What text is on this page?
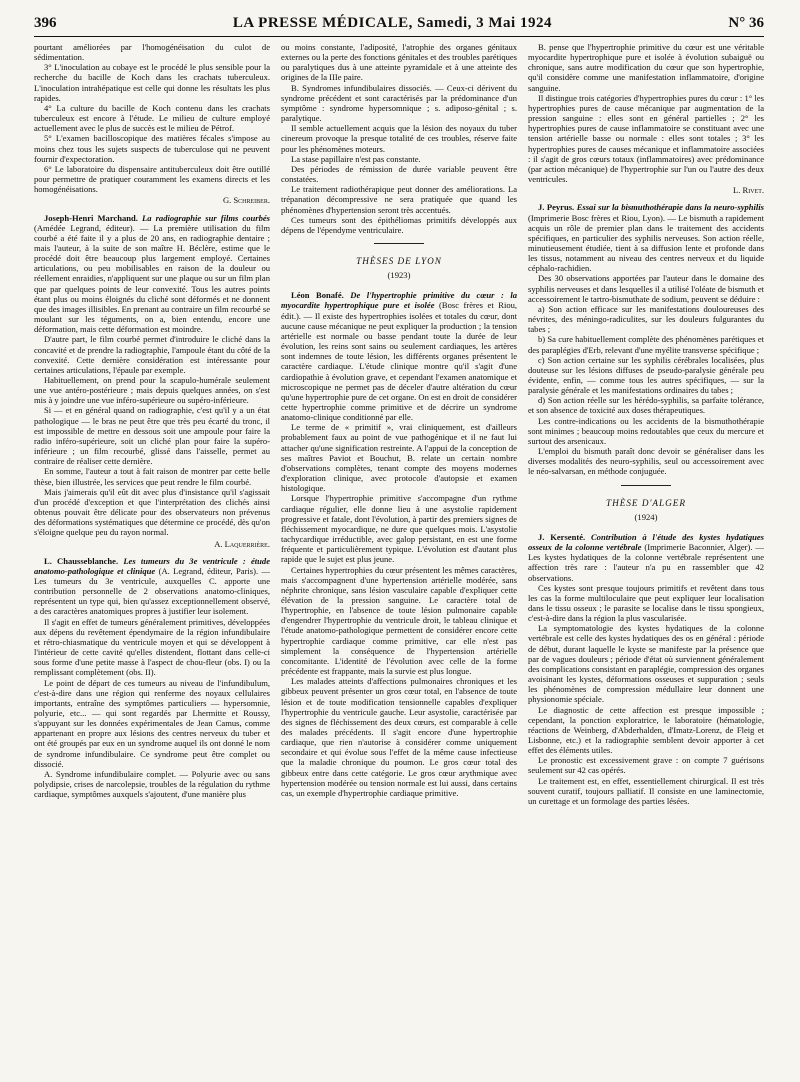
396	LA PRESSE MÉDICALE, Samedi, 3 Mai 1924	N° 36

pourtant améliorées par l'homogénéisation du culot de sédimentation.

3° L'inoculation au cobaye est le procédé le plus sensible pour la recherche du bacille de Koch dans les crachats tuberculeux. L'inoculation intrahépatique est celle qui donne les résultats les plus rapides.

4° La culture du bacille de Koch contenu dans les crachats tuberculeux est encore à l'étude. Le milieu de culture employé actuellement avec le plus de succès est le milieu de Pétrof.

5° L'examen bacilloscopique des matières fécales s'impose au moins chez tous les sujets suspects de tuberculose qui ne peuvent fournir d'expectoration.

6° Le laboratoire du dispensaire antituberculeux doit être outillé pour permettre de pratiquer couramment les examens directs et les homogénéisations.

G. Schreiber.

Joseph-Henri Marchand. La radiographie sur films courbés (Amédée Legrand, éditeur). — La première utilisation du film courbé a été faite il y a plus de 20 ans, en radiographie dentaire ; mais l'auteur, à la suite de son maître H. Béclère, estime que le procédé doit être beaucoup plus largement employé. Certaines articulations, ou peu mobilisables en raison de la douleur ou réellement enraidies, n'appliquent sur une plaque ou sur un film plan que par quelques points de leur convexité. Tous les autres points étant plus ou moins éloignés du cliché sont déformés et ne donnent que des images illisibles. En prenant au contraire un film recourbé se moulant sur les téguments, on a, bien entendu, encore une déformation, mais cette déformation est moindre.

D'autre part, le film courbé permet d'introduire le cliché dans la concavité et de prendre la radiographie, l'ampoule étant du côté de la convexité. Cette dernière considération est intéressante pour certaines articulations, l'épaule par exemple.

Habituellement, on prend pour la scapulo-humérale seulement une vue antéro-postérieure ; mais depuis quelques années, on s'est mis à y joindre une vue inféro-supérieure ou supéro-inférieure.

Si — et en général quand on radiographie, c'est qu'il y a un état pathologique — le bras ne peut être que très peu écarté du tronc, il est impossible de mettre en dessous soit une ampoule pour faire la radio inféro-supérieure, soit un cliché plan pour faire la supéro-inférieure ; un film recourbé, glissé dans l'aisselle, permet au contraire de réaliser cette dernière.

En somme, l'auteur a tout à fait raison de montrer par cette belle thèse, bien illustrée, les services que peut rendre le film courbé.

Mais j'aimerais qu'il eût dit avec plus d'insistance qu'il s'agissait d'un procédé d'exception et que l'interprétation des clichés ainsi obtenus pouvait être délicate pour des observateurs non prévenus des déformations systématiques que détermine ce procédé, dès qu'on s'éloigne quelque peu du rayon normal.

A. Laquerrière.

L. Chausseblanche. Les tumeurs du 3e ventricule : étude anatomo-pathologique et clinique (A. Legrand, éditeur, Paris). — Les tumeurs du 3e ventricule, auxquelles C. apporte une contribution personnelle de 2 observations anatomo-cliniques, représentent un type qui, bien qu'assez exceptionnellement observé, a des caractères anatomiques propres à justifier leur isolement.

Il s'agit en effet de tumeurs généralement primitives, développées aux dépens du revêtement épendymaire de la région infundibulaire et rétro-chiasmatique du ventricule moyen et qui se développent à l'intérieur de cette cavité qu'elles distendent, flottant dans celle-ci sous forme d'une petite masse à l'aspect de chou-fleur (obs. I) ou la remplissant complètement (obs. II).

Le point de départ de ces tumeurs au niveau de l'infundibulum, c'est-à-dire dans une région qui renferme des noyaux cellulaires importants, entraîne des symptômes particuliers — hypersomnie, polyurie, etc... — qui sont regardés par Lhermitte et Roussy, s'appuyant sur les données expérimentales de Jean Camus, comme appartenant en propre aux lésions des centres nerveux du tuber et ont été groupés par eux en un syndrome auquel ils ont donné le nom de syndrome infundibulaire. Ce syndrome peut être complet ou dissocié.

A. Syndrome infundibulaire complet. — Polyurie avec ou sans polydipsie, crises de narcolepsie, troubles de la régulation du rythme cardiaque, symptômes auxquels s'ajoutent, d'une manière plus

ou moins constante, l'adiposité, l'atrophie des organes génitaux externes ou la perte des fonctions génitales et des troubles parétiques ou paralytiques dus à une atteinte pyramidale et à une atteinte des origines de la IIIe paire.

B. Syndromes infundibulaires dissociés. — Ceux-ci dérivent du syndrome précédent et sont caractérisés par la prédominance d'un symptôme : syndrome hypersomnique ; s. adiposo-génital ; s. paralytique.

Il semble actuellement acquis que la lésion des noyaux du tuber cinereum provoque la presque totalité de ces troubles, réserve faite pour les phénomènes moteurs.

La stase papillaire n'est pas constante.

Des périodes de rémission de durée variable peuvent être constatées.

Le traitement radiothérapique peut donner des améliorations. La trépanation décompressive ne sera pratiquée que quand les phénomènes d'hypertension seront très accentués.

Ces tumeurs sont des épithéliomas primitifs développés aux dépens de l'épendyme ventriculaire.

THÈSES DE LYON
(1923)

Léon Bonafé. De l'hypertrophie primitive du cœur : la myocardite hypertrophique pure et isolée (Bosc frères et Riou, édit.). — Il existe des hypertrophies isolées et totales du cœur, dont aucune cause mécanique ne peut expliquer la production ; la tension artérielle est normale ou basse pendant toute la durée de leur évolution, les reins sont sains ou seulement cardiaques, les artères sont indemnes de toute lésion, les différents organes présentent le caractère cardiaque. L'étude clinique montre qu'il s'agit d'une cardiopathie à évolution grave, et cependant l'examen anatomique et microscopique ne permet pas de déceler d'autre altération du cœur qu'une hypertrophie pure de cet organe. On est en droit de considérer cette hypertrophie comme primitive et de décrire un syndrome anatomo-clinique conditionné par elle.

Le terme de « primitif », vrai cliniquement, est d'ailleurs probablement faux au point de vue pathogénique et il ne faut lui attacher qu'une signification restreinte. A l'appui de la conception de ses maîtres Paviot et Bouchut, B. relate un certain nombre d'observations complètes, tenant compte des moyens modernes d'exploration clinique, avec protocole d'autopsie et examen histologique.

Lorsque l'hypertrophie primitive s'accompagne d'un rythme cardiaque régulier, elle donne lieu à une asystolie rapidement progressive et fatale, dont l'évolution, à partir des premiers signes de fléchissement myocardique, ne dure que quelques mois. L'asystolie tachycardique irréductible, avec galop persistant, en est une forme fréquente et particulièrement typique. L'évolution est d'autant plus rapide que le sujet est plus jeune.

Certaines hypertrophies du cœur présentent les mêmes caractères, mais s'accompagnent d'une hypertension artérielle modérée, sans néphrite chronique, sans lésion vasculaire capable d'expliquer cette élévation de la pression sanguine. Le caractère total de l'hypertrophie, en l'absence de toute lésion pulmonaire capable d'engendrer l'hypertrophie du ventricule droit, le tableau clinique et l'étude anatomo-pathologique permettent de considérer encore cette hypertrophie cardiaque comme primitive, car elle n'est pas simplement la conséquence de l'hypertension artérielle concomitante. L'identité de l'évolution avec celle de la forme précédente est frappante, mais la survie est plus longue.

Les malades atteints d'affections pulmonaires chroniques et les gibbeux peuvent présenter un gros cœur total, en l'absence de toute lésion et de toute modification tensionnelle capables d'expliquer l'hypertrophie du ventricule gauche. Leur asystolie, caractérisée par des signes de fléchissement des deux cœurs, est comparable à celle des malades précédents. Il s'agit encore d'une hypertrophie cardiaque, que rien n'autorise à considérer comme uniquement secondaire et qui évolue sous l'effet de la même cause infectieuse que la maladie chronique du poumon. Le gros cœur total des gibbeux entre dans cette catégorie. Le gros cœur arythmique avec hypertension modérée ou tension normale est lui aussi, dans certains cas, un exemple d'hypertrophie cardiaque primitive.

B. pense que l'hypertrophie primitive du cœur est une véritable myocardite hypertrophique pure et isolée à évolution subaiguë ou chronique, sans autre modification du cœur que son hypertrophie, qu'il considère comme une manifestation inflammatoire, d'origine sanguine.

Il distingue trois catégories d'hypertrophies pures du cœur : 1° les hypertrophies pures de cause mécanique par augmentation de la pression sanguine : elles sont en général partielles ; 2° les hypertrophies pures de cause inflammatoire se constituant avec une tension artérielle basse ou normale : elles sont totales ; 3° les hypertrophies pures de causes mécanique et inflammatoire associées : il s'agit de gros cœurs totaux (inflammatoires) avec prédominance (par action mécanique) de l'hypertrophie sur l'un ou l'autre des deux ventricules.

L. Rivet.

J. Peyrus. Essai sur la bismuthothérapie dans la neuro-syphilis (Imprimerie Bosc frères et Riou, Lyon). — Le bismuth a rapidement acquis un rôle de premier plan dans le traitement des accidents spécifiques, en particulier des syphilis nerveuses. Son action réelle, minutieusement étudiée, tient à sa diffusion lente et profonde dans les tissus, notamment au niveau des centres nerveux et du liquide céphalo-rachidien.

Des 30 observations apportées par l'auteur dans le domaine des syphilis nerveuses et dans lesquelles il a utilisé l'oléate de bismuth et accessoirement le tartro-bismuthate de sodium, peuvent se déduire :

a) Son action efficace sur les manifestations douloureuses des névrites, des méningo-radiculites, sur les douleurs fulgurantes du tabes ;

b) Sa cure habituellement complète des phénomènes parétiques et des paraplégies d'Erb, relevant d'une myélite transverse spécifique ;

c) Son action certaine sur les syphilis cérébrales localisées, plus douteuse sur les lésions diffuses de pseudo-paralysie générale peu évidente, enfin, — comme tous les autres spécifiques, — sur la paralysie générale et les manifestations ordinaires du tabes ;

d) Son action réelle sur les hérédo-syphilis, sa parfaite tolérance, et son absence de toxicité aux doses thérapeutiques.

Les contre-indications ou les accidents de la bismuthothérapie sont minimes ; beaucoup moins redoutables que ceux du mercure et surtout des arsenicaux.

L'emploi du bismuth paraît donc devoir se généraliser dans les diverses modalités des neuro-syphilis, seul ou accessoirement avec le néo-salvarsan, en méthode conjuguée.

THÈSE D'ALGER
(1924)

J. Kersenté. Contribution à l'étude des kystes hydatiques osseux de la colonne vertébrale (Imprimerie Baconnier, Alger). — Les kystes hydatiques de la colonne vertébrale représentent une affection très rare : l'auteur n'a pu en rassembler que 42 observations.

Ces kystes sont presque toujours primitifs et revêtent dans tous les cas la forme multiloculaire que peut expliquer leur localisation dans le tissu osseux ; le parasite se localise dans le tissu spongieux, c'est-à-dire dans la région la plus vascularisée.

La symptomatologie des kystes hydatiques de la colonne vertébrale est celle des kystes hydatiques des os en général : période de début, durant laquelle le kyste se manifeste par la présence que par de vagues douleurs ; période d'état où surviennent généralement des complications consistant en paraplégie, compression des organes avoisinant les kystes, déformations osseuses et suppuration ; seuls les phénomènes de compression médullaire leur donnent une physionomie spéciale.

Le diagnostic de cette affection est presque impossible ; cependant, la ponction exploratrice, le laboratoire (hématologie, réactions de Weinberg, d'Abderhalden, d'Imatz-Lorenz, de Fleig et Lisbonne, etc.) et la radiographie semblent devoir apporter à cet effet des éléments utiles.

Le pronostic est excessivement grave : on compte 7 guérisons seulement sur 42 cas opérés.

Le traitement est, en effet, essentiellement chirurgical. Il est très souvent curatif, toujours palliatif. Il consiste en une laminectomie, un curettage et un formolage des parties lésées.
